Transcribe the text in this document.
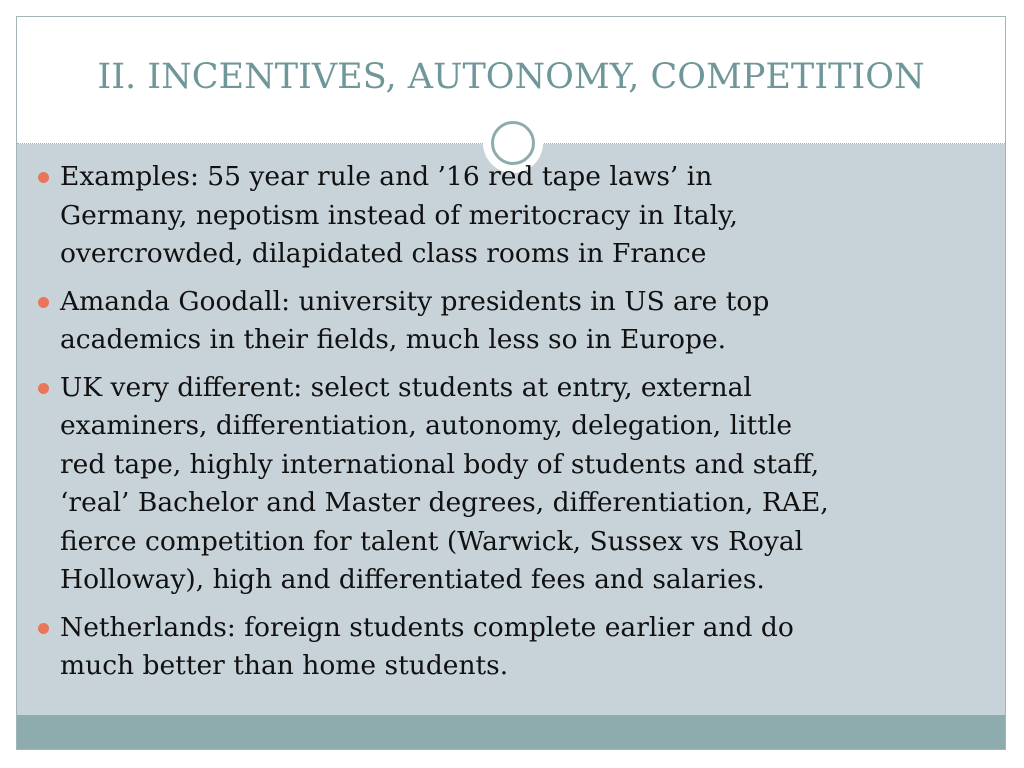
II. INCENTIVES, AUTONOMY, COMPETITION
Examples: 55 year rule and ’16 red tape laws’ in
Germany, nepotism instead of meritocracy in Italy,
overcrowded, dilapidated class rooms in France
Amanda Goodall: university presidents in US are top
academics in their fields, much less so in Europe.
UK very different: select students at entry, external
examiners, differentiation, autonomy, delegation, little
red tape, highly international body of students and staff,
‘real’ Bachelor and Master degrees, differentiation, RAE,
fierce competition for talent (Warwick, Sussex vs Royal
Holloway), high and differentiated fees and salaries.
Netherlands: foreign students complete earlier and do
much better than home students.
